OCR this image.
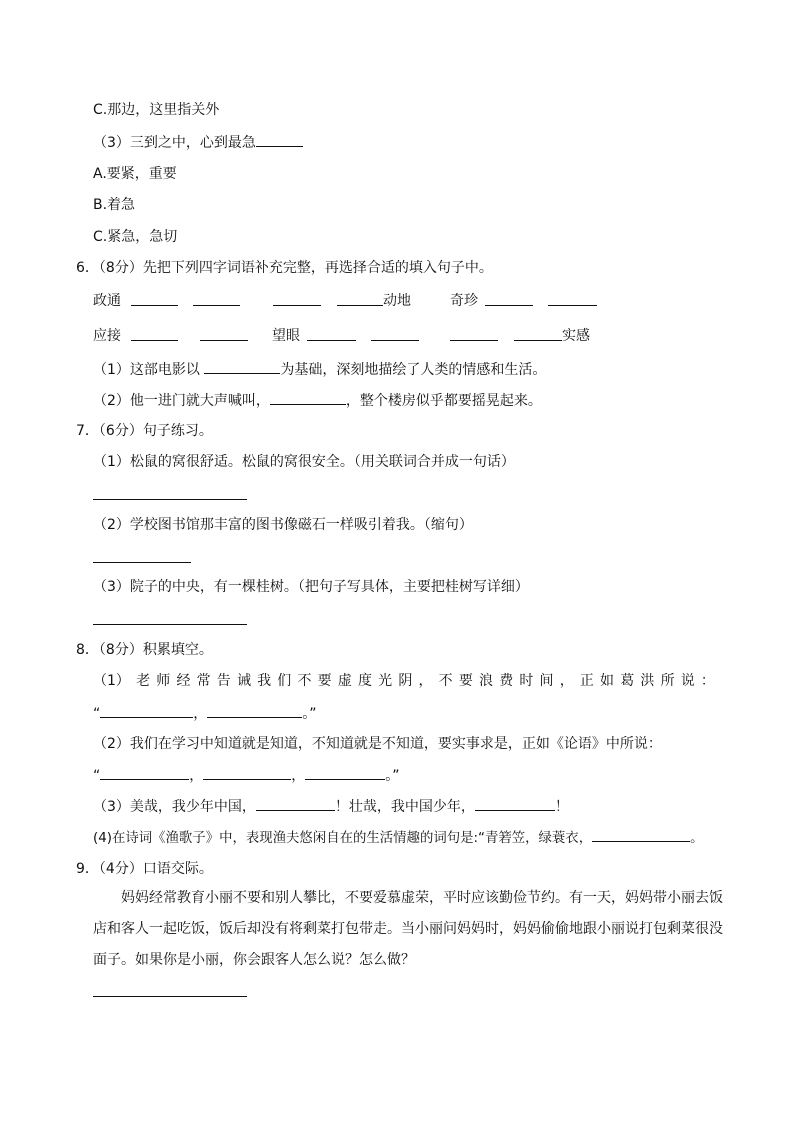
C.那边，这里指关外
（3）三到之中，心到最急
A.要紧，重要
B.着急
C.紧急，急切
6．（8分）先把下列四字词语补充完整，再选择合适的填入句子中。
政通	动地	奇珍
应接	望眼	实感
（1）这部电影以	为基础，深刻地描绘了人类的情感和生活。
（2）他一进门就大声喊叫，	，整个楼房似乎都要摇晃起来。
7．（6分）句子练习。
（1）松鼠的窝很舒适。松鼠的窝很安全。（用关联词合并成一句话）
（2）学校图书馆那丰富的图书像磁石一样吸引着我。（缩句）
（3）院子的中央，有一棵桂树。（把句子写具体，主要把桂树写详细）
8．（8分）积累填空。
（1） 老 师 经 常 告 诫 我 们 不 要 虚 度 光 阴 ， 不 要 浪 费 时 间 ， 正 如 葛 洪 所 说 ：
“	，	。”
（2）我们在学习中知道就是知道，不知道就是不知道，要实事求是，正如《论语》中所说：
“	，	，	。”
（3）美哉，我少年中国，	！壮哉，我中国少年，	！
(4)在诗词《渔歌子》中，表现渔夫悠闲自在的生活情趣的词句是:“青箬笠，绿蓑衣，	。
9．（4分）口语交际。
妈妈经常教育小丽不要和别人攀比，不要爱慕虚荣，平时应该勤俭节约。有一天，妈妈带小丽去饭店和客人一起吃饭，饭后却没有将剩菜打包带走。当小丽问妈妈时，妈妈偷偷地跟小丽说打包剩菜很没面子。如果你是小丽，你会跟客人怎么说？怎么做？
